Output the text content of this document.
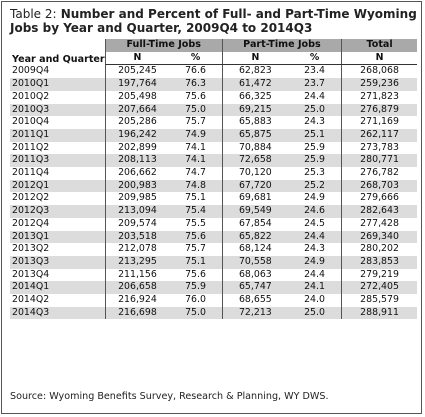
Table 2: Number and Percent of Full- and Part-Time Wyoming Jobs by Year and Quarter, 2009Q4 to 2014Q3
Year and Quarter	Full-Time Jobs		Part-Time Jobs		Total
	N	%	N	%	N
2009Q4	205,245	76.6	62,823	23.4	268,068
2010Q1	197,764	76.3	61,472	23.7	259,236
2010Q2	205,498	75.6	66,325	24.4	271,823
2010Q3	207,664	75.0	69,215	25.0	276,879
2010Q4	205,286	75.7	65,883	24.3	271,169
2011Q1	196,242	74.9	65,875	25.1	262,117
2011Q2	202,899	74.1	70,884	25.9	273,783
2011Q3	208,113	74.1	72,658	25.9	280,771
2011Q4	206,662	74.7	70,120	25.3	276,782
2012Q1	200,983	74.8	67,720	25.2	268,703
2012Q2	209,985	75.1	69,681	24.9	279,666
2012Q3	213,094	75.4	69,549	24.6	282,643
2012Q4	209,574	75.5	67,854	24.5	277,428
2013Q1	203,518	75.6	65,822	24.4	269,340
2013Q2	212,078	75.7	68,124	24.3	280,202
2013Q3	213,295	75.1	70,558	24.9	283,853
2013Q4	211,156	75.6	68,063	24.4	279,219
2014Q1	206,658	75.9	65,747	24.1	272,405
2014Q2	216,924	76.0	68,655	24.0	285,579
2014Q3	216,698	75.0	72,213	25.0	288,911
Source: Wyoming Benefits Survey, Research & Planning, WY DWS.
